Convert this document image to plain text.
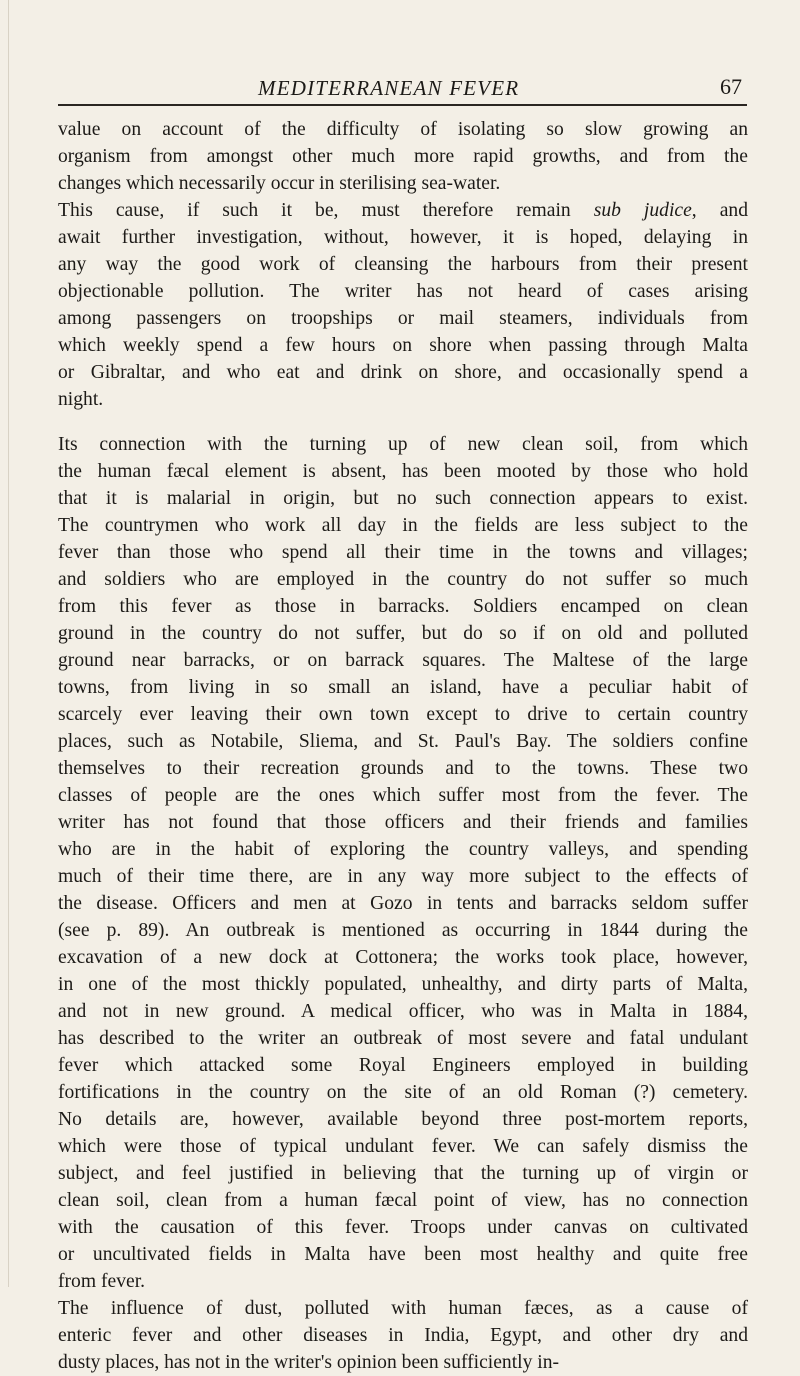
MEDITERRANEAN FEVER	67

value on account of the difficulty of isolating so slow growing an
organism from amongst other much more rapid growths, and from the
changes which necessarily occur in sterilising sea-water.

This cause, if such it be, must therefore remain sub judice, and
await further investigation, without, however, it is hoped, delaying in
any way the good work of cleansing the harbours from their present
objectionable pollution. The writer has not heard of cases arising
among passengers on troopships or mail steamers, individuals from
which weekly spend a few hours on shore when passing through Malta
or Gibraltar, and who eat and drink on shore, and occasionally spend a
night.

Its connection with the turning up of new clean soil, from which
the human fæcal element is absent, has been mooted by those who hold
that it is malarial in origin, but no such connection appears to exist.
The countrymen who work all day in the fields are less subject to the
fever than those who spend all their time in the towns and villages;
and soldiers who are employed in the country do not suffer so much
from this fever as those in barracks. Soldiers encamped on clean
ground in the country do not suffer, but do so if on old and polluted
ground near barracks, or on barrack squares. The Maltese of the large
towns, from living in so small an island, have a peculiar habit of
scarcely ever leaving their own town except to drive to certain country
places, such as Notabile, Sliema, and St. Paul's Bay. The soldiers confine
themselves to their recreation grounds and to the towns. These two
classes of people are the ones which suffer most from the fever. The
writer has not found that those officers and their friends and families
who are in the habit of exploring the country valleys, and spending
much of their time there, are in any way more subject to the effects of
the disease. Officers and men at Gozo in tents and barracks seldom suffer
(see p. 89). An outbreak is mentioned as occurring in 1844 during the
excavation of a new dock at Cottonera; the works took place, however,
in one of the most thickly populated, unhealthy, and dirty parts of Malta,
and not in new ground. A medical officer, who was in Malta in 1884,
has described to the writer an outbreak of most severe and fatal undulant
fever which attacked some Royal Engineers employed in building
fortifications in the country on the site of an old Roman (?) cemetery.
No details are, however, available beyond three post-mortem reports,
which were those of typical undulant fever. We can safely dismiss the
subject, and feel justified in believing that the turning up of virgin or
clean soil, clean from a human fæcal point of view, has no connection
with the causation of this fever. Troops under canvas on cultivated
or uncultivated fields in Malta have been most healthy and quite free
from fever.

The influence of dust, polluted with human fæces, as a cause of
enteric fever and other diseases in India, Egypt, and other dry and
dusty places, has not in the writer's opinion been sufficiently in-
